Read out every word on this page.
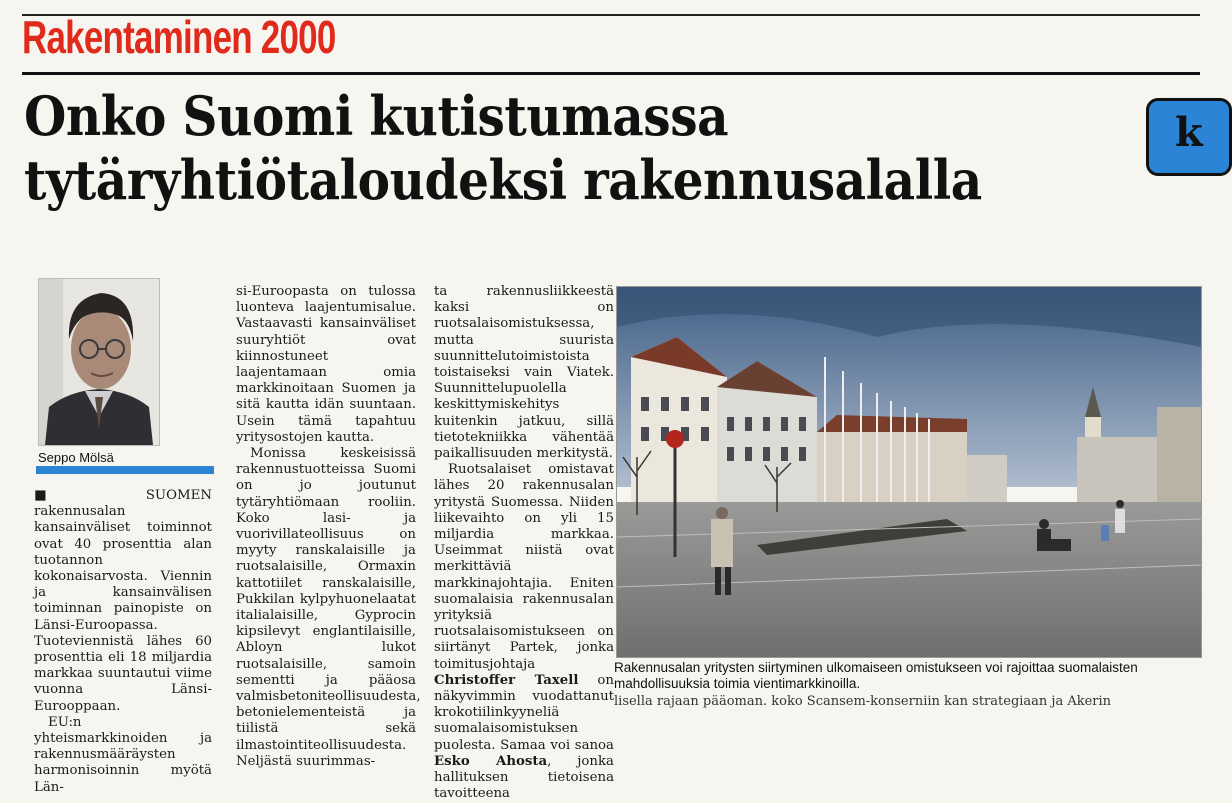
Rakentaminen 2000
Onko Suomi kutistumassa
tytäryhtiötaloudeksi rakennusalalla
k
Seppo Mölsä

■ SUOMEN rakennusalan kansainväliset toiminnot ovat 40 prosenttia alan tuotannon kokonaisarvosta. Viennin ja kansainvälisen toiminnan painopiste on Länsi-Euroopassa. Tuoteviennistä lähes 60 prosenttia eli 18 miljardia markkaa suuntautui viime vuonna Länsi-Eurooppaan.

EU:n yhteismarkkinoiden ja rakennusmääräysten harmonisoinnin myötä Län-

si-Euroopasta on tulossa luonteva laajentumisalue. Vastaavasti kansainväliset suuryhtiöt ovat kiinnostuneet laajentamaan omia markkinoitaan Suomen ja sitä kautta idän suuntaan. Usein tämä tapahtuu yritysostojen kautta.

Monissa keskeisissä rakennustuotteissa Suomi on jo joutunut tytäryhtiömaan rooliin. Koko lasi- ja vuorivillateollisuus on myyty ranskalaisille ja ruotsalaisille, Ormaxin kattotiilet ranskalaisille, Pukkilan kylpyhuonelaatat italialaisille, Gyprocin kipsilevyt englantilaisille, Abloyn lukot ruotsalaisille, samoin sementti ja pääosa valmisbetoniteollisuudesta, betonielementeistä ja tiilistä sekä ilmastointiteollisuudesta. Neljästä suurimmas-

ta rakennusliikkeestä kaksi on ruotsalaisomistuksessa, mutta suurista suunnittelutoimistoista toistaiseksi vain Viatek. Suunnittelupuolella keskittymiskehitys kuitenkin jatkuu, sillä tietotekniikka vähentää paikallisuuden merkitystä.

Ruotsalaiset omistavat lähes 20 rakennusalan yritystä Suomessa. Niiden liikevaihto on yli 15 miljardia markkaa. Useimmat niistä ovat merkittäviä markkinajohtajia. Eniten suomalaisia rakennusalan yrityksiä ruotsalaisomistukseen on siirtänyt Partek, jonka toimitusjohtaja Christoffer Taxell on näkyvimmin vuodattanut krokotiilinkyyneliä suomalaisomistuksen puolesta. Samaa voi sanoa Esko Ahosta, jonka hallituksen tietoisena tavoitteena

Rakennusalan yritysten siirtyminen ulkomaiseen omistukseen voi rajoittaa suomalaisten mahdollisuuksia toimia vientimarkkinoilla.
lisella rajaan pääoman. koko Scansem-konserniin kan strategiaan ja Akerin
